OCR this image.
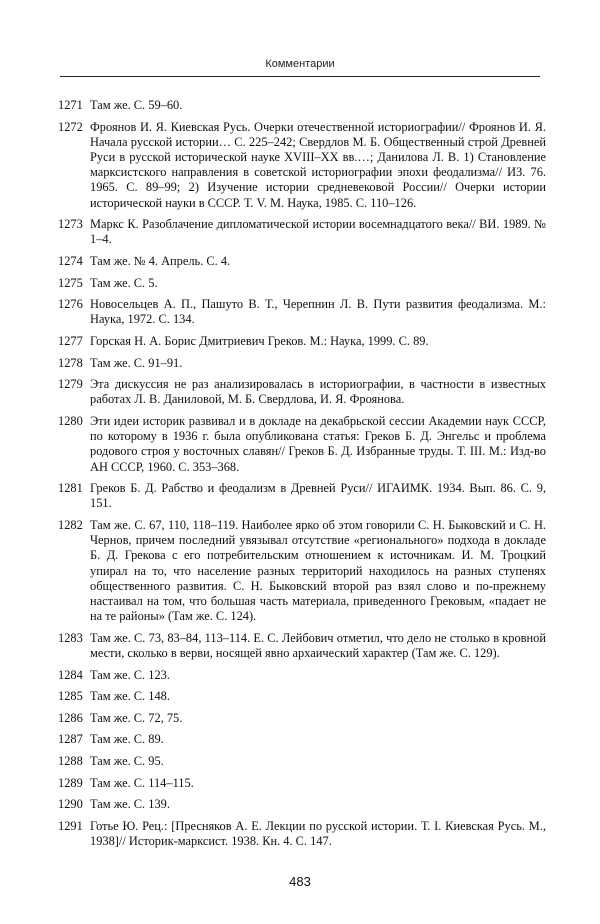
Комментарии
1271 Там же. С. 59–60.
1272 Фроянов И. Я. Киевская Русь. Очерки отечественной историографии// Фроянов И. Я. Начала русской истории… С. 225–242; Свердлов М. Б. Общественный строй Древней Руси в русской исторической науке XVIII–XX вв.…; Данилова Л. В. 1) Становление марксистского направления в советской историографии эпохи феодализма// ИЗ. 76. 1965. С. 89–99; 2) Изучение истории средневековой России// Очерки истории исторической науки в СССР. Т. V. М. Наука, 1985. С. 110–126.
1273 Маркс К. Разоблачение дипломатической истории восемнадцатого века// ВИ. 1989. № 1–4.
1274 Там же. № 4. Апрель. С. 4.
1275 Там же. С. 5.
1276 Новосельцев А. П., Пашуто В. Т., Черепнин Л. В. Пути развития феодализма. М.: Наука, 1972. С. 134.
1277 Горская Н. А. Борис Дмитриевич Греков. М.: Наука, 1999. С. 89.
1278 Там же. С. 91–91.
1279 Эта дискуссия не раз анализировалась в историографии, в частности в известных работах Л. В. Даниловой, М. Б. Свердлова, И. Я. Фроянова.
1280 Эти идеи историк развивал и в докладе на декабрьской сессии Академии наук СССР, по которому в 1936 г. была опубликована статья: Греков Б. Д. Энгельс и проблема родового строя у восточных славян// Греков Б. Д. Избранные труды. Т. III. М.: Изд-во АН СССР, 1960. С. 353–368.
1281 Греков Б. Д. Рабство и феодализм в Древней Руси// ИГАИМК. 1934. Вып. 86. С. 9, 151.
1282 Там же. С. 67, 110, 118–119. Наиболее ярко об этом говорили С. Н. Быковский и С. Н. Чернов, причем последний увязывал отсутствие «регионального» подхода в докладе Б. Д. Грекова с его потребительским отношением к источникам. И. М. Троцкий упирал на то, что население разных территорий находилось на разных ступенях общественного развития. С. Н. Быковский второй раз взял слово и по-прежнему настаивал на том, что большая часть материала, приведенного Грековым, «падает не на те районы» (Там же. С. 124).
1283 Там же. С. 73, 83–84, 113–114. Е. С. Лейбович отметил, что дело не столько в кровной мести, сколько в верви, носящей явно архаический характер (Там же. С. 129).
1284 Там же. С. 123.
1285 Там же. С. 148.
1286 Там же. С. 72, 75.
1287 Там же. С. 89.
1288 Там же. С. 95.
1289 Там же. С. 114–115.
1290 Там же. С. 139.
1291 Готье Ю. Рец.: [Пресняков А. Е. Лекции по русской истории. Т. I. Киевская Русь. М., 1938]// Историк-марксист. 1938. Кн. 4. С. 147.
483
